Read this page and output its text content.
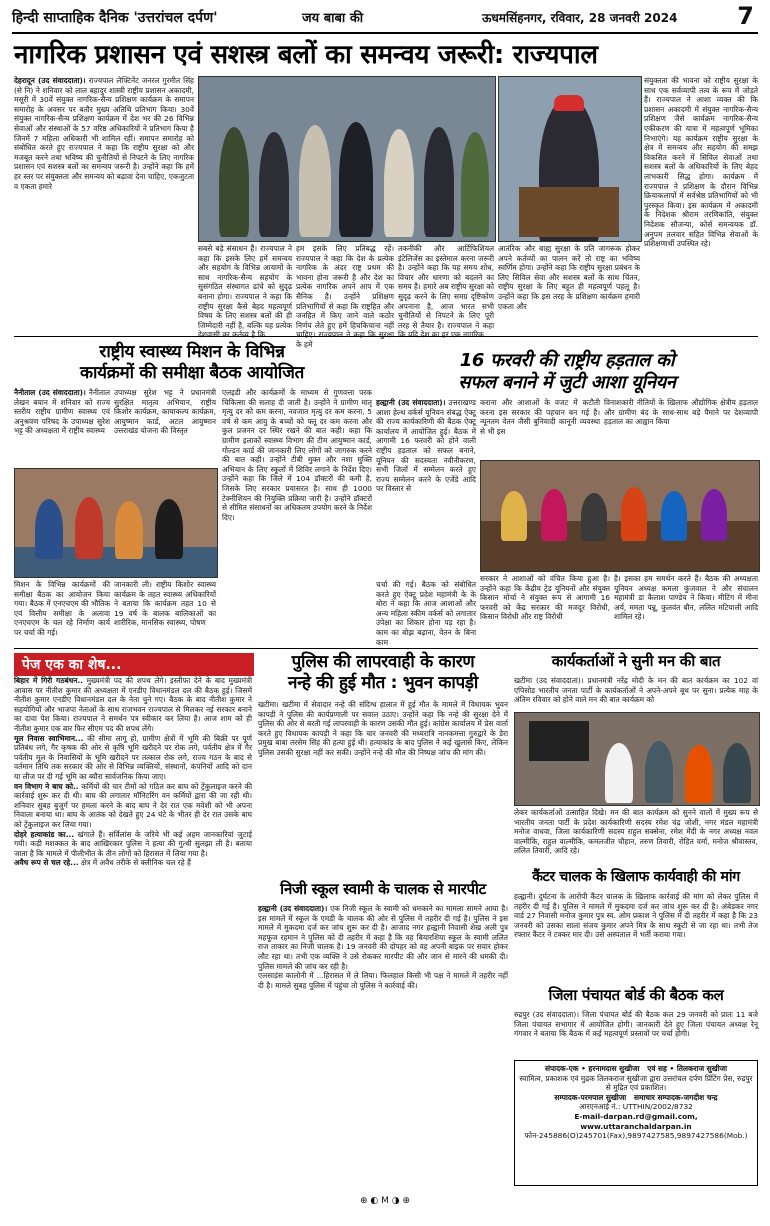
हिन्दी साप्ताहिक दैनिक 'उत्तरांचल दर्पण'	जय बाबा की	ऊधमसिंहनगर, रविवार, 28 जनवरी 2024 7
नागरिक प्रशासन एवं सशस्त्र बलों का समन्वय जरूरी: राज्यपाल

देहरादून (उद संवाददाता)। राज्यपाल लेफ्टिनेंट जनरल गुरमीत सिंह (से नि) ने शनिवार को लाल बहादुर शास्त्री राष्ट्रीय प्रशासन अकादमी, मसूरी में 30वें संयुक्त नागरिक-सैन्य प्रशिक्षण कार्यक्रम के समापन समारोह के अवसर पर बतौर मुख्य अतिथि प्रतिभाग किया। 30वें संयुक्त नागरिक-सैन्य प्रशिक्षण कार्यक्रम में देश भर की 26 विभिन्न सेवाओं और संस्थाओं के 57 वरिष्ठ अधिकारियों ने प्रतिभाग किया है जिनमें 7 महिला अधिकारी भी शामिल रहीं। समापन समारोह को संबोधित करते हुए राज्यपाल ने कहा कि राष्ट्रीय सुरक्षा को और मजबूत करने तथा भविष्य की चुनौतियों से निपटने के लिए नागरिक प्रशासन एवं सशस्त्र बलों का समन्वय जरूरी है। उन्होंने कहा कि हमें हर स्तर पर संयुक्तता और समन्वय को बढ़ावा देना चाहिए, एकजुटता व एकता हमारे

सबसे बड़े संसाधन हैं। राज्यपाल ने कहा कि इसके लिए हमें समन्वय और सहयोग के विभिन्न आयामों के साथ नागरिक-सैन्य सहयोग के सुसंगठित संस्थागत ढांचे को सुदृढ़ बनाना होगा। राज्यपाल ने कहा कि राष्ट्रीय सुरक्षा कैसे बेहद महत्वपूर्ण विषय के लिए सशस्त्र बलों की ही जिम्मेदारी नहीं है, बल्कि यह प्रत्येक देशवासी का कर्तव्य है कि

हम इसके लिए प्रतिबद्ध रहें। राज्यपाल ने कहा कि देश के प्रत्येक नागरिक के अंदर राष्ट्र प्रथम की भावना होना जरूरी है और देश का प्रत्येक नागरिक अपने आप में एक सैनिक है। उन्होंने प्रशिक्षण प्रतिभागियों से कहा कि राष्ट्रहित और जनहित में किए जाने वाले कठोर निर्णय लेते हुए हमें हिचकिचाना नहीं चाहिए। राज्यपाल ने कहा कि सुरक्षा के हमें

तकनीकी और आर्टिफिशियल इंटेलिजेंस का इस्तेमाल करना जरूरी है। उन्होंने कहा कि यह समय शोध, विचार और धारणा को बदलने का समय है। हमारे अब राष्ट्रीय सुरक्षा को सुदृढ़ करने के लिए समग्र दृष्टिकोण अपनाना है, आज भारत सभी चुनौतियों से निपटने के लिए पूरी तरह से तैयार है। राज्यपाल ने कहा कि यदि देश का हर एक नागरिक

आतंरिक और बाह्य सुरक्षा के प्रति जागरूक होकर अपने कर्तव्यों का पालन करें तो राष्ट्र का भविष्य स्वर्णिम होगा। उन्होंने कहा कि राष्ट्रीय सुरक्षा प्रबंधन के लिए सिविल सेवा और सशस्त्र बलों के साथ चिंतन, राष्ट्रीय सुरक्षा के लिए बहुत ही महत्वपूर्ण पहलू है। उन्होंने कहा कि इस तरह के प्रशिक्षण कार्यक्रम हमारी एकता और

संयुक्तता की भावना को राष्ट्रीय सुरक्षा के साथ एक सर्वव्यापी तत्व के रूप में जोड़ते हैं। राज्यपाल ने आशा व्यक्त की कि प्रशासन अकादमी में संयुक्त नागरिक-सैन्य प्रशिक्षण जैसे कार्यक्रम नागरिक-सैन्य एकीकरण की यात्रा में महत्वपूर्ण भूमिका निभाएंगे। यह कार्यक्रम राष्ट्रीय सुरक्षा के क्षेत्र में समन्वय और सहयोग की समझ विकसित करने में सिविल सेवाओं तथा सशस्त्र बलों के अधिकारियों के लिए बेहद लाभकारी सिद्ध होगा। कार्यक्रम में राज्यपाल ने प्रशिक्षण के दौरान विभिन्न क्रियाकलापों में सर्वश्रेष्ठ प्रतिभागियों को भी पुरस्कृत किया। इस कार्यक्रम में अकादमी के निदेशक श्रीराम तरणिकांति, संयुक्त निदेशक सौजन्या, कोर्स समन्वयक डॉ. अनुपम तलवार सहित विभिन्न सेवाओं के प्रशिक्षणार्थी उपस्थित रहे।

राष्ट्रीय स्वास्थ्य मिशन के विभिन्न
कार्यक्रमों की समीक्षा बैठक आयोजित

नैनीताल (उद संवाददाता)। नैनीताल लेखन बयान में शनिवार को राज्य स्तरीय राष्ट्रीय ग्रामीण स्वास्थ्य एवं अनुश्रवण परिषद के उपाध्यक्ष सुरेश भट्ट की अध्यक्षता में राष्ट्रीय स्वास्थ्य

उपाध्यक्ष सुरेश भट्ट ने प्रधानमंत्री सुरक्षित मातृत्व अभियान, राष्ट्रीय किशोर कार्यक्रम, कायाकल्प कार्यक्रम, आयुष्मान कार्ड, अटल आयुष्मान उत्तराखंड योजना की विस्तृत

एलइडी और कार्यक्रमों के माध्यम से गुणवत्ता परक चिकित्सा की सलाह दी जाती है। उन्होंने ने ग्रामीण मातृ मृत्यु दर को कम करना, नवजात मृत्यु दर कम करना, 5 वर्ष से कम आयु के बच्चों को फ्लू दर कम करना और कुल प्रजनन दर स्थिर रखने की बात कही। कहा कि ग्रामीण इलाकों स्वास्थ्य विभाग की टीम आयुष्मान कार्ड, गोल्डन कार्ड की जानकारी लिए लोगों को जागरुक करने की बात कही। उन्होंने टीबी मुक्त और नशा मुक्ति अभियान के लिए स्कूलों में शिविर लगाने के निर्देश दिए। उन्होंने कहा कि जिले में 104 डॉक्टरों की कमी है, जिसके लिए सरकार प्रयासरत है। साथ ही 1000 टेक्नीशियन की नियुक्ति प्रक्रिया जारी है। उन्होंने डॉक्टरों से सीमित संसाधनों का अधिकतम उपयोग करने के निर्देश दिए।

मिशन के विभिन्न कार्यक्रमों की समीक्षा बैठक का आयोजन किया गया। बैठक में एनएचएम की भौतिक एवं वित्तीय समीक्षा के अलावा एनएचएम के चल रहे निर्माण कार्य पर चर्चा की गई।

जानकारी ली। राष्ट्रीय किशोर स्वास्थ्य कार्यक्रम के तहत स्वास्थ्य अधिकारियों ने बताया कि कार्यक्रम तहत 10 से 19 वर्ष के बालक बालिकाओं का शारीरिक, मानसिक स्वास्थ्य, पोषण

16 फरवरी की राष्ट्रीय हड़ताल को
सफल बनाने में जुटी आशा यूनियन

हल्द्वानी (उद संवाददाता)। उत्तराखण्ड आशा हेल्थ वर्कर्स यूनियन संबद्ध ऐक्टू की राज्य कार्यकारिणी की बैठक ऐक्टू कार्यालय में आयोजित हुई। बैठक में आगामी 16 फरवरी को होने वाली राष्ट्रीय हड़ताल को सफल बनाने, यूनियन की सदस्यता नवीनीकरण, सभी जिलों में सम्मेलन करते हुए राज्य सम्मेलन करने के एजेंडे आदि पर विस्तार से

कराना और आशाओं के वजट में कटौती करना इस सरकार की पहचान बन गई है। न्यूनतम वेतन जैसी बुनियादी कानूनी व्यवस्था से भी इस

विनाशकारी नीतियों के खिलाफ औद्योगिक क्षेत्रीय हड़ताल और ग्रामीण बंद के साथ-साथ बड़े पैमाने पर देशव्यापी हड़ताल का आह्वान किया

चर्चा की गई। बैठक को संबोधित करते हुए ऐक्टू प्रदेश महामंत्री के के बोरा ने कहा कि आज आशाओं और अन्य महिला स्कीम वर्कर्स को लगातार उपेक्षा का शिकार होना पड़ रहा है। काम का बोझ बढ़ाना, वेतन के बिना काम

सरकार ने आशाओं को वंचित किया हुआ है। उन्होंने कहा कि केंद्रीय ट्रेड यूनियनों और संयुक्त किसान मोर्चा ने संयुक्त रूप से आगामी 16 फरवरी को केंद्र सरकार की मजदूर विरोधी, किसान विरोधी और राष्ट्र विरोधी

है। इसका हम समर्थन करते हैं। बैठक की अध्यक्षता यूनियन अध्यक्ष कमला कुंजवाल ने और संचालन महामंत्री डा कैलाश पाण्डेय ने किया। मीटिंग में मीना अर्य, ममता पन्नू, कुलवंत बौन, ललित मटियाली आदि शामिल रहे।

पेज एक का शेष...

बिहार में गिरी गठबंधन.. मुख्यमंत्री पद की शपथ लेंगे। इस्तीफा देने के बाद मुख्यमंत्री आवास पर नीतीश कुमार की अध्यक्षता में एनडीए विधानमंडल दल की बैठक हुई। जिसमें नीतीश कुमार एनडीए विधानमंडल दल के नेता चुने गए। बैठक के बाद नीतीश कुमार ने सहयोगियों और भाजपा नेताओं के साथ राजभवन राज्यपाल से मिलकर नई सरकार बनाने का दावा पेश किया। राज्यपाल ने समर्थन पत्र स्वीकार कर लिया है। आज शाम को ही नीतीश कुमार एक बार फिर सीएम पद की शपथ लेंगे।

मूल निवास स्वाभिमान... की सीमा लागू हो, ग्रामीण क्षेत्रों में भूमि की बिक्री पर पूर्ण प्रतिबंध लगे, गैर कृषक की ओर से कृषि भूमि खरीदने पर रोक लगे, पर्वतीय क्षेत्र में गैर पर्वतीय मूल के निवासियों के भूमि खरीदने पर तत्काल रोक लगे, राज्य गठन के बाद से वर्तमान तिथि तक सरकार की ओर से विभिन्न व्यक्तियों, संस्थानों, कंपनियों आदि को दान या लीज पर दी गई भूमि का ब्यौरा सार्वजनिक किया जाए।

वन विभाग ने बाघ को.. कर्मियों की चार टीमों को गठित कर बाघ को ट्रेंकुलाइज करने की कार्रवाई शुरू कर दी थी। बाघ की लगातार मॉनिटरिंग वन कर्मियों द्वारा की जा रही थी। शनिवार सुबह बुजुर्ग पर हमला करने के बाद बाघ ने देर रात एक मवेशी को भी अपना निवाला बनाया था। बाघ के आतंक को देखते हुए 24 घंटे के भीतर ही देर रात उसके बाघ को ट्रेंकुलाइज कर लिया गया।

दोहरे हत्याकांड का... खंगाले हैं। सर्विलांस के जरिये भी कई अहम जानकारियां जुटाई गयी। कड़ी मशक्कत के बाद आखिरकार पुलिस ने हत्या की गुत्थी सुलझा ली है। बताया जाता है कि मामले में पीलीभीत के तीन लोगों को हिरासत में लिया गया है।

अवैध रूप से चल रहे... क्षेत्र में अवैध तरीके से क्लीनिक चल रहे हैं

पुलिस की लापरवाही के कारण
नन्हे की हुई मौत : भुवन कापड़ी

खटीमा। खटीमा में सेवादार नन्हे की संदिग्ध हालात में हुई मौत के मामले में विधायक भुवन कापड़ी ने पुलिस की कार्यप्रणाली पर सवाल उठाए। उन्होंने कहा कि नन्हे की सुरक्षा देने में पुलिस की ओर से बरती गई लापरवाही के कारण उसकी मौत हुई। कांग्रेस कार्यालय में प्रेस वार्ता करते हुए विधायक कापड़ी ने कहा कि चार जनवरी की मध्यरात्रि नानकमत्ता गुरुद्वारे के डेरा प्रमुख बाबा तरसेम सिंह की हत्या हुई थी। हत्याकांड के बाद पुलिस ने कई खुलासे किए, लेकिन पुलिस उसकी सुरक्षा नहीं कर सकी। उन्होंने नन्हे की मौत की निष्पक्ष जांच की मांग की।

निजी स्कूल स्वामी के चालक से मारपीट

हल्द्वानी (उद संवाददाता)। एक निजी स्कूल के स्वामी को धमकाने का मामला सामने आया है। इस मामले में स्कूल के एमडी के चालक की ओर से पुलिस में तहरीर दी गई है। पुलिस ने इस मामले में मुकदमा दर्ज कर जांच शुरू कर दी है। आजाद नगर हल्द्वानी निवासी शेख अली पुत्र महफूज रहमान ने पुलिस को दी तहरीर में कहा है कि वह बियारशिया स्कूल के स्वामी ललित राज ताकार का निजी चालक है। 19 जनवरी की दोपहर को वह अपनी बाइक पर सवार होकर लौट रहा था। तभी एक व्यक्ति ने उसे रोककर मारपीट की और जान से मारने की धमकी दी। पुलिस मामले की जांच कर रही है।

एलसाड़ंस कालोनी में ...हिरासत में ले लिया। फिलहाल किसी भी पक्ष ने मामले में तहरीर नहीं दी है। मामले सुबह पुलिस में पहुंचा तो पुलिस ने कार्रवाई की।

कार्यकर्ताओं ने सुनी मन की बात

खटीमा (उद संवाददाता)। प्रधानमंत्री नरेंद्र मोदी के मन की बात कार्यक्रम का 102 वां एपिसोड भारतीय जनता पार्टी के कार्यकर्ताओं ने अपने-अपने बूथ पर सुना। प्रत्येक माह के अंतिम रविवार को होने वाले मन की बात कार्यक्रम को

लेकर कार्यकर्ताओं उत्साहित दिखे। मन की बात कार्यक्रम को सुनने वालों में मुख्य रूप से भारतीय जनता पार्टी के प्रदेश कार्यकारिणी सदस्य रमेश चंद्र जोशी, नगर मंडल महामंत्री मनोज वाधवा, जिला कार्यकारिणी सदस्य राहुल सक्सेना, रमेश मेंदी के नगर अध्यक्ष नवल वाल्मीकि, राहुल वाल्मीकि, कमलजीत चौहान, तरुण तिवारी, रोहित वर्मा, मनोज श्रीवास्तव, ललित तिवारी, आदि रहे।

कैंटर चालक के खिलाफ कार्यवाही की मांग

हल्द्वानी। दुर्घटना के आरोपी कैंटर चालक के खिलाफ कार्रवाई की मांग को लेकर पुलिस में तहरीर दी गई है। पुलिस ने मामले में मुकदमा दर्ज कर जांच शुरू कर दी है। अंबेडकर नगर वार्ड 27 निवासी मनोज कुमार पुत्र स्व. ओम प्रकाश ने पुलिस में दी तहरीर में कहा है कि 23 जनवरी को उसका साला संजय कुमार अपने मित्र के साथ स्कूटी से जा रहा था। तभी तेज रफ्तार कैंटर ने टक्कर मार दी। उसे अस्पताल में भर्ती कराया गया।

जिला पंचायत बोर्ड की बैठक कल

रुद्रपुर (उद संवाददाता)। जिला पंचायत बोर्ड की बैठक कल 29 जनवरी को प्रातः 11 बजे जिला पंचायत सभागार में आयोजित होगी। जानकारी देते हुए जिला पंचायत अध्यक्ष रेनू गंगवार ने बताया कि बैठक में कई महत्वपूर्ण प्रस्तावों पर चर्चा होगी।

संपादक-एक • हरनामदास सुखीजा एवं सह • तिलकराज सुखीजा

स्वामित्व, प्रकाशक एवं मुद्रक तिलकराज सुखीजा द्वारा उत्तरांचल दर्पण प्रिंटिंग प्रेस, रुद्रपुर से मुद्रित एवं प्रकाशित।

सम्पादक-परमपाल सुखीजा समाचार सम्पादक-जगदीश चन्द्र

आरएनआई नं.: UTTHIN/2002/8732

E-mail-darpan.rd@gmail.com, www.uttaranchaldarpan.in

फोन-245886(O)245701(Fax),9897427585,9897427586(Mob.)

⊕ ◐ M ◑ ⊕
